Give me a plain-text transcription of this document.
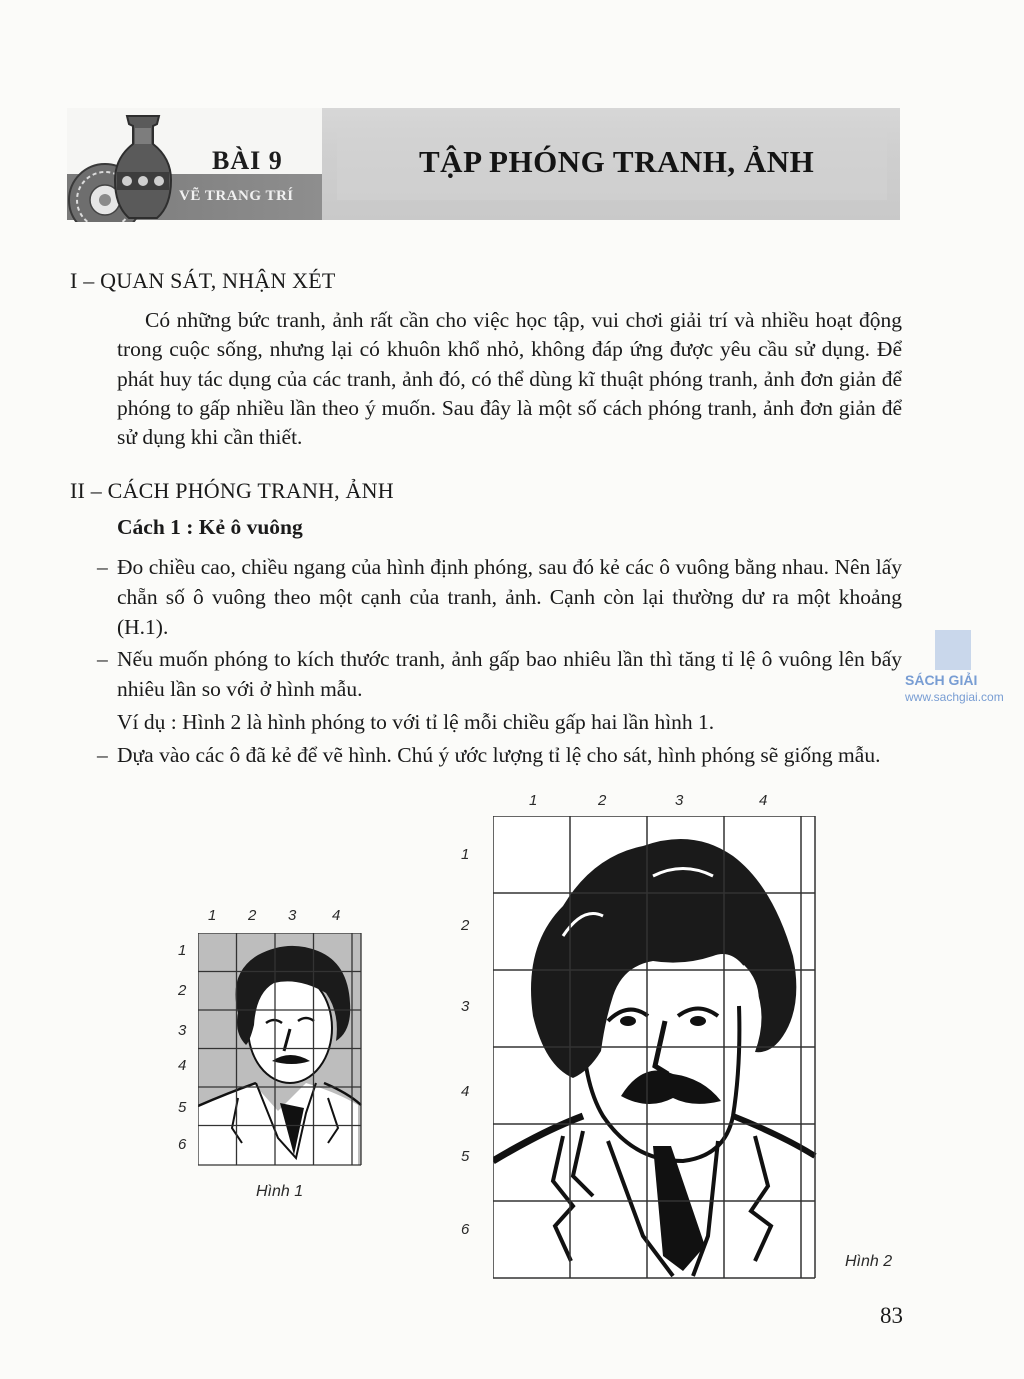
BÀI 9
VẼ TRANG TRÍ
TẬP PHÓNG TRANH, ẢNH
I – QUAN SÁT, NHẬN XÉT
Có những bức tranh, ảnh rất cần cho việc học tập, vui chơi giải trí và nhiều hoạt động trong cuộc sống, nhưng lại có khuôn khổ nhỏ, không đáp ứng được yêu cầu sử dụng. Để phát huy tác dụng của các tranh, ảnh đó, có thể dùng kĩ thuật phóng tranh, ảnh đơn giản để phóng to gấp nhiều lần theo ý muốn. Sau đây là một số cách phóng tranh, ảnh đơn giản để sử dụng khi cần thiết.
II – CÁCH PHÓNG TRANH, ẢNH
Cách 1 : Kẻ ô vuông
– Đo chiều cao, chiều ngang của hình định phóng, sau đó kẻ các ô vuông bằng nhau. Nên lấy chẵn số ô vuông theo một cạnh của tranh, ảnh. Cạnh còn lại thường dư ra một khoảng (H.1).
– Nếu muốn phóng to kích thước tranh, ảnh gấp bao nhiêu lần thì tăng tỉ lệ ô vuông lên bấy nhiêu lần so với ở hình mẫu.
Ví dụ : Hình 2 là hình phóng to với tỉ lệ mỗi chiều gấp hai lần hình 1.
– Dựa vào các ô đã kẻ để vẽ hình. Chú ý ước lượng tỉ lệ cho sát, hình phóng sẽ giống mẫu.
SÁCH GIẢI
www.sachgiai.com
1 2 3 4
1
2
3
4
5
6
Hình 1
1	2	3	4
1
2
3
4
5
6
Hình 2
83
